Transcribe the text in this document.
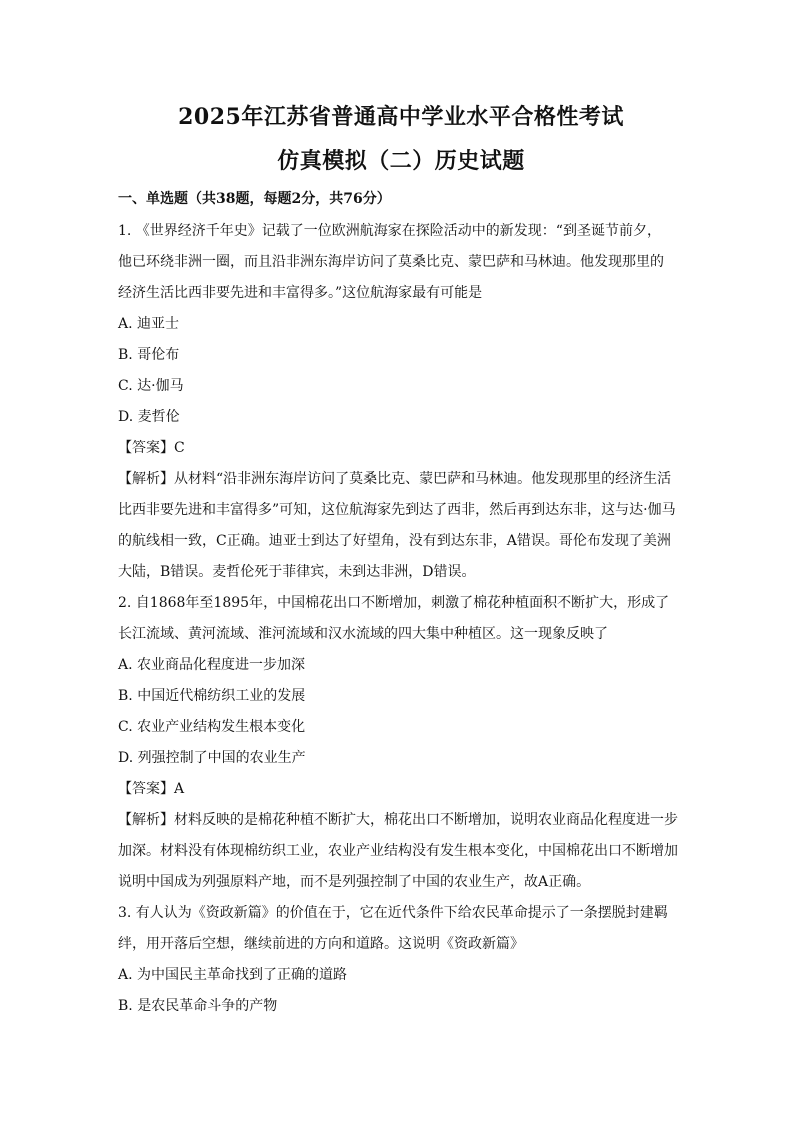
2025年江苏省普通高中学业水平合格性考试
仿真模拟（二）历史试题

一、单选题（共38题，每题2分，共76分）

1. 《世界经济千年史》记载了一位欧洲航海家在探险活动中的新发现：“到圣诞节前夕，

他已环绕非洲一圈，而且沿非洲东海岸访问了莫桑比克、蒙巴萨和马林迪。他发现那里的

经济生活比西非要先进和丰富得多。”这位航海家最有可能是

A. 迪亚士

B. 哥伦布

C. 达·伽马

D. 麦哲伦

【答案】C

【解析】从材料“沿非洲东海岸访问了莫桑比克、蒙巴萨和马林迪。他发现那里的经济生活

比西非要先进和丰富得多”可知，这位航海家先到达了西非，然后再到达东非，这与达·伽马

的航线相一致，C正确。迪亚士到达了好望角，没有到达东非，A错误。哥伦布发现了美洲

大陆，B错误。麦哲伦死于菲律宾，未到达非洲，D错误。

2. 自1868年至1895年，中国棉花出口不断增加，刺激了棉花种植面积不断扩大，形成了

长江流域、黄河流域、淮河流域和汉水流域的四大集中种植区。这一现象反映了

A. 农业商品化程度进一步加深

B. 中国近代棉纺织工业的发展

C. 农业产业结构发生根本变化

D. 列强控制了中国的农业生产

【答案】A

【解析】材料反映的是棉花种植不断扩大，棉花出口不断增加，说明农业商品化程度进一步

加深。材料没有体现棉纺织工业，农业产业结构没有发生根本变化，中国棉花出口不断增加

说明中国成为列强原料产地，而不是列强控制了中国的农业生产，故A正确。

3. 有人认为《资政新篇》的价值在于，它在近代条件下给农民革命提示了一条摆脱封建羁

绊，用开落后空想，继续前进的方向和道路。这说明《资政新篇》

A. 为中国民主革命找到了正确的道路

B. 是农民革命斗争的产物
